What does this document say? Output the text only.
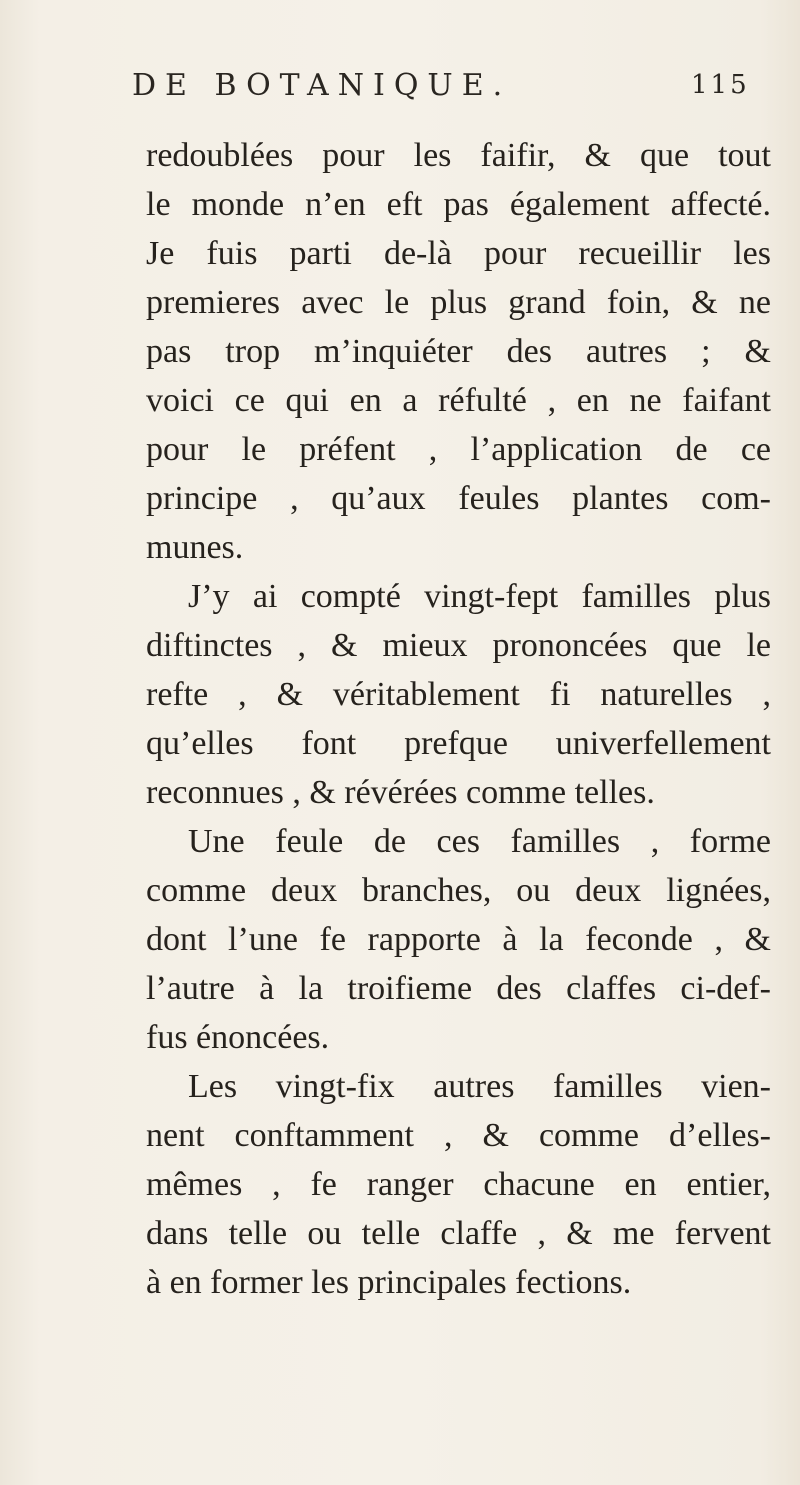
DE BOTANIQUE.	115
redoublées pour les faifir, & que tout
le monde n’en eft pas également affecté.
Je fuis parti de-là pour recueillir les
premieres avec le plus grand foin, & ne
pas trop m’inquiéter des autres ; &
voici ce qui en a réfulté , en ne faifant
pour le préfent , l’application de ce
principe , qu’aux feules plantes com-
munes.
J’y ai compté vingt-fept familles plus
diftinctes , & mieux prononcées que le
refte , & véritablement fi naturelles ,
qu’elles font prefque univerfellement
reconnues , & révérées comme telles.
Une feule de ces familles , forme
comme deux branches, ou deux lignées,
dont l’une fe rapporte à la feconde , &
l’autre à la troifieme des claffes ci-def-
fus énoncées.
Les vingt-fix autres familles vien-
nent conftamment , & comme d’elles-
mêmes , fe ranger chacune en entier,
dans telle ou telle claffe , & me fervent
à en former les principales fections.
